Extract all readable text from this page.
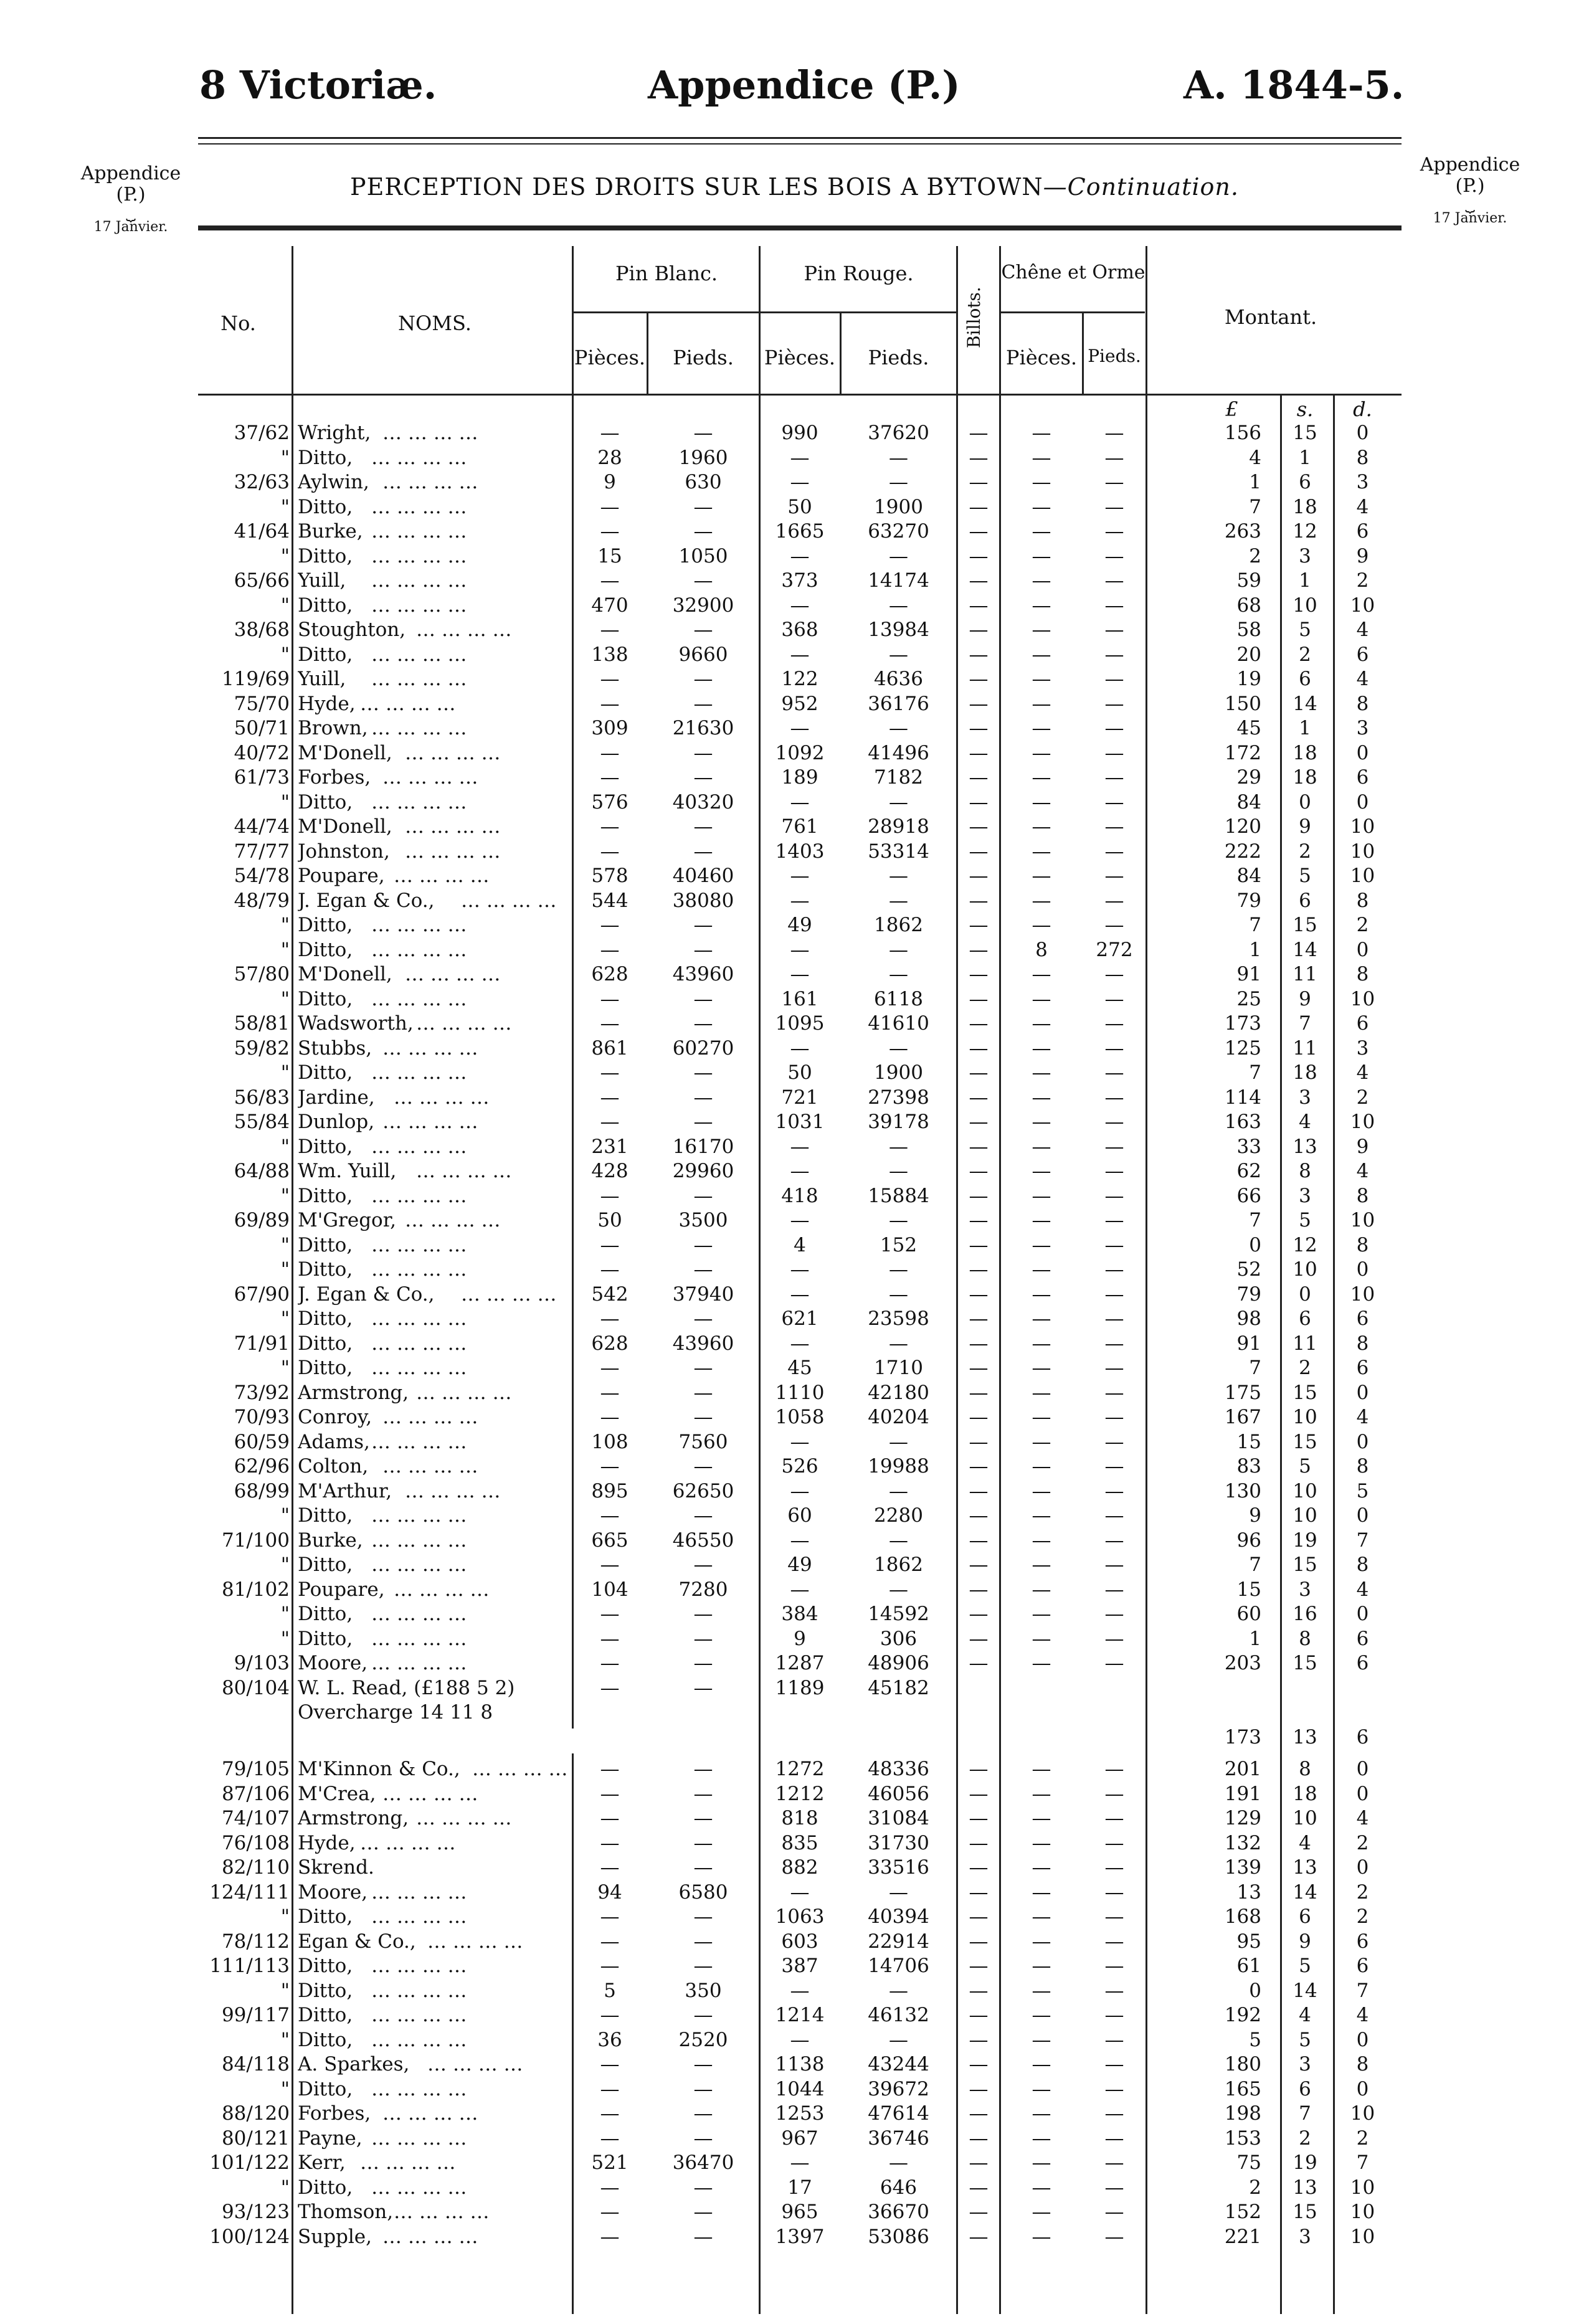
8 Victoriæ.	Appendice (P.)	A. 1844-5.
Appendice
(P.)
⏟
17 Janvier.
Appendice
(P.)
⏟
17 Janvier.
PERCEPTION DES DROITS SUR LES BOIS A BYTOWN—Continuation.
No.	NOMS.
Pin Blanc.	Pin Rouge.
Billots.
Chêne et Orme
Montant.
Pièces.	Pieds.	Pièces.	Pieds.	Pièces. Pieds.
£	s.	d.
37/62 Wright, … … … …	—	—	990	37620	—	—	—	156	15	0
" Ditto, … … … …	28	1960	—	—	—	—	—	4	1	8
32/63 Aylwin, … … … …	9	630	—	—	—	—	—	1	6	3
" Ditto, … … … …	—	—	50	1900	—	—	—	7	18	4
41/64 Burke, … … … …	—	—	1665	63270	—	—	—	263	12	6
" Ditto, … … … …	15	1050	—	—	—	—	—	2	3	9
65/66 Yuill,	… … … …	—	—	373	14174	—	—	—	59	1	2
" Ditto, … … … …	470	32900	—	—	—	—	—	68	10	10
38/68 Stoughton, … … … …	—	—	368	13984	—	—	—	58	5	4
" Ditto, … … … …	138	9660	—	—	—	—	—	20	2	6
119/69 Yuill,	… … … …	—	—	122	4636	—	—	—	19	6	4
75/70 Hyde, … … … …	—	—	952	36176	—	—	—	150	14	8
50/71 Brown, … … … …	309	21630	—	—	—	—	—	45	1	3
40/72 M'Donell, … … … …	—	—	1092	41496	—	—	—	172	18	0
61/73 Forbes, … … … …	—	—	189	7182	—	—	—	29	18	6
" Ditto, … … … …	576	40320	—	—	—	—	—	84	0	0
44/74 M'Donell, … … … …	—	—	761	28918	—	—	—	120	9	10
77/77 Johnston, … … … …	—	—	1403	53314	—	—	—	222	2	10
54/78 Poupare, … … … …	578	40460	—	—	—	—	—	84	5	10
48/79 J. Egan & Co.,	… … … …	544	38080	—	—	—	—	—	79	6	8
" Ditto, … … … …	—	—	49	1862	—	—	—	7	15	2
" Ditto, … … … …	—	—	—	—	—	8	272	1	14	0
57/80 M'Donell, … … … …	628	43960	—	—	—	—	—	91	11	8
" Ditto, … … … …	—	—	161	6118	—	—	—	25	9	10
58/81 Wadsworth, … … … …	—	—	1095	41610	—	—	—	173	7	6
59/82 Stubbs, … … … …	861	60270	—	—	—	—	—	125	11	3
" Ditto, … … … …	—	—	50	1900	—	—	—	7	18	4
56/83 Jardine, … … … …	—	—	721	27398	—	—	—	114	3	2
55/84 Dunlop, … … … …	—	—	1031	39178	—	—	—	163	4	10
" Ditto, … … … …	231	16170	—	—	—	—	—	33	13	9
64/88 Wm. Yuill,	… … … …	428	29960	—	—	—	—	—	62	8	4
" Ditto, … … … …	—	—	418	15884	—	—	—	66	3	8
69/89 M'Gregor, … … … …	50	3500	—	—	—	—	—	7	5	10
" Ditto, … … … …	—	—	4	152	—	—	—	0	12	8
" Ditto, … … … …	—	—	—	—	—	—	—	52	10	0
67/90 J. Egan & Co.,	… … … …	542	37940	—	—	—	—	—	79	0	10
" Ditto, … … … …	—	—	621	23598	—	—	—	98	6	6
71/91 Ditto, … … … …	628	43960	—	—	—	—	—	91	11	8
" Ditto, … … … …	—	—	45	1710	—	—	—	7	2	6
73/92 Armstrong, … … … …	—	—	1110	42180	—	—	—	175	15	0
70/93 Conroy, … … … …	—	—	1058	40204	—	—	—	167	10	4
60/59 Adams, … … … …	108	7560	—	—	—	—	—	15	15	0
62/96 Colton, … … … …	—	—	526	19988	—	—	—	83	5	8
68/99 M'Arthur, … … … …	895	62650	—	—	—	—	—	130	10	5
" Ditto, … … … …	—	—	60	2280	—	—	—	9	10	0
71/100 Burke, … … … …	665	46550	—	—	—	—	—	96	19	7
" Ditto, … … … …	—	—	49	1862	—	—	—	7	15	8
81/102 Poupare, … … … …	104	7280	—	—	—	—	—	15	3	4
" Ditto, … … … …	—	—	384	14592	—	—	—	60	16	0
" Ditto, … … … …	—	—	9	306	—	—	—	1	8	6
9/103 Moore, … … … …	—	—	1287	48906	—	—	—	203	15	6
80/104 W. L. Read, (£188 5 2)	—	—	1189	45182
Overcharge 14 11 8
173	13	6
79/105 M'Kinnon & Co., … … … …	—	—	1272	48336	—	—	—	201	8	0
87/106 M'Crea, … … … …	—	—	1212	46056	—	—	—	191	18	0
74/107 Armstrong, … … … …	—	—	818	31084	—	—	—	129	10	4
76/108 Hyde, … … … …	—	—	835	31730	—	—	—	132	4	2
82/110 Skrend.	—	—	882	33516	—	—	—	139	13	0
124/111 Moore, … … … …	94	6580	—	—	—	—	—	13	14	2
" Ditto, … … … …	—	—	1063	40394	—	—	—	168	6	2
78/112 Egan & Co., … … … …	—	—	603	22914	—	—	—	95	9	6
111/113 Ditto, … … … …	—	—	387	14706	—	—	—	61	5	6
" Ditto, … … … …	5	350	—	—	—	—	—	0	14	7
99/117 Ditto, … … … …	—	—	1214	46132	—	—	—	192	4	4
" Ditto, … … … …	36	2520	—	—	—	—	—	5	5	0
84/118 A. Sparkes, … … … …	—	—	1138	43244	—	—	—	180	3	8
" Ditto, … … … …	—	—	1044	39672	—	—	—	165	6	0
88/120 Forbes, … … … …	—	—	1253	47614	—	—	—	198	7	10
80/121 Payne, … … … …	—	—	967	36746	—	—	—	153	2	2
101/122 Kerr, … … … …	521	36470	—	—	—	—	—	75	19	7
" Ditto, … … … …	—	—	17	646	—	—	—	2	13	10
93/123 Thomson, … … … …	—	—	965	36670	—	—	—	152	15	10
100/124 Supple, … … … …	—	—	1397	53086	—	—	—	221	3	10
